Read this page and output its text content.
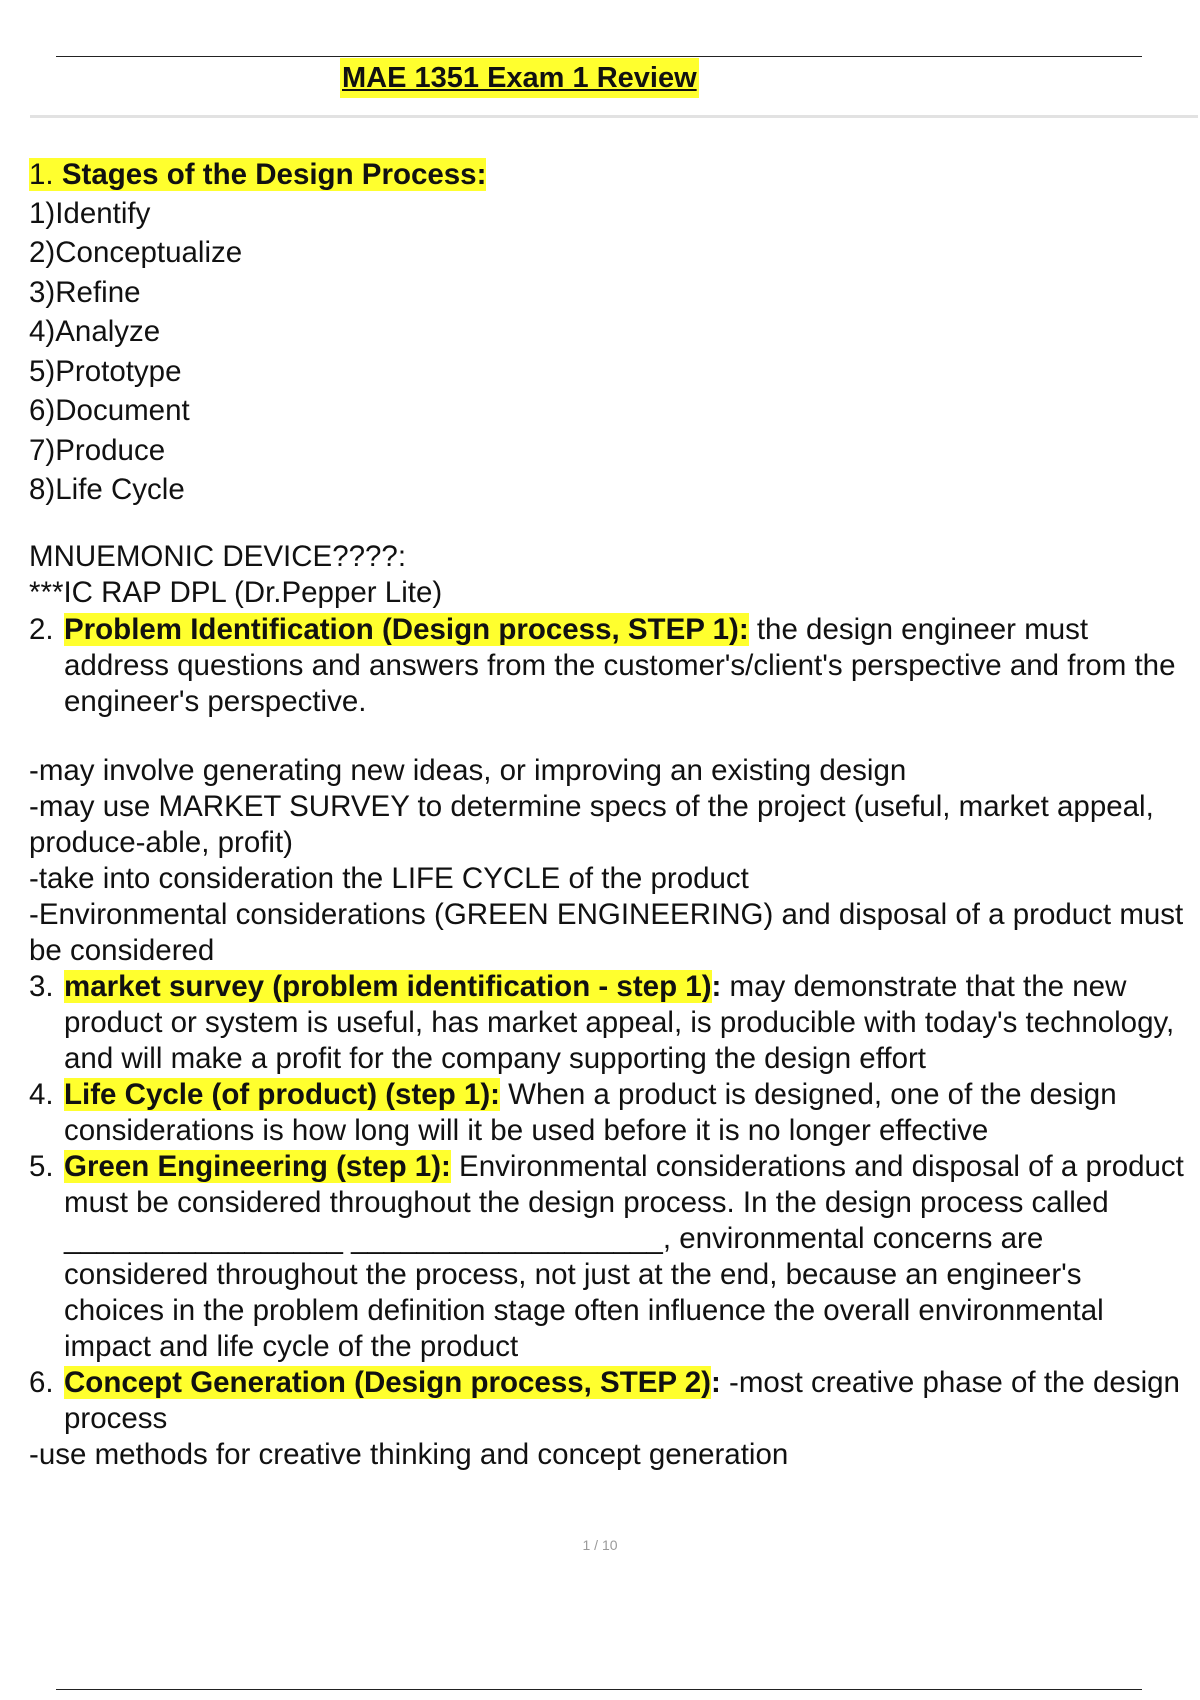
MAE 1351 Exam 1 Review

1. Stages of the Design Process:

1)Identify
2)Conceptualize
3)Refine
4)Analyze
5)Prototype
6)Document
7)Produce
8)Life Cycle

MNUEMONIC DEVICE????:

***IC RAP DPL (Dr.Pepper Lite)

2. Problem Identification (Design process, STEP 1): the design engineer must address questions and answers from the customer's/client's perspective and from the engineer's perspective.

-may involve generating new ideas, or improving an existing design

-may use MARKET SURVEY to determine specs of the project (useful, market appeal, produce-able, profit)

-take into consideration the LIFE CYCLE of the product

-Environmental considerations (GREEN ENGINEERING) and disposal of a product must be considered

3. market survey (problem identification - step 1): may demonstrate that the new product or system is useful, has market appeal, is producible with today's technology, and will make a profit for the company supporting the design effort
4. Life Cycle (of product) (step 1): When a product is designed, one of the design considerations is how long will it be used before it is no longer effective
5. Green Engineering (step 1): Environmental considerations and disposal of a product must be considered throughout the design process. In the design process called _________________ ___________________, environmental concerns are considered throughout the process, not just at the end, because an engineer's choices in the problem definition stage often influence the overall environmental impact and life cycle of the product
6. Concept Generation (Design process, STEP 2): -most creative phase of the design process

-use methods for creative thinking and concept generation

1 / 10
